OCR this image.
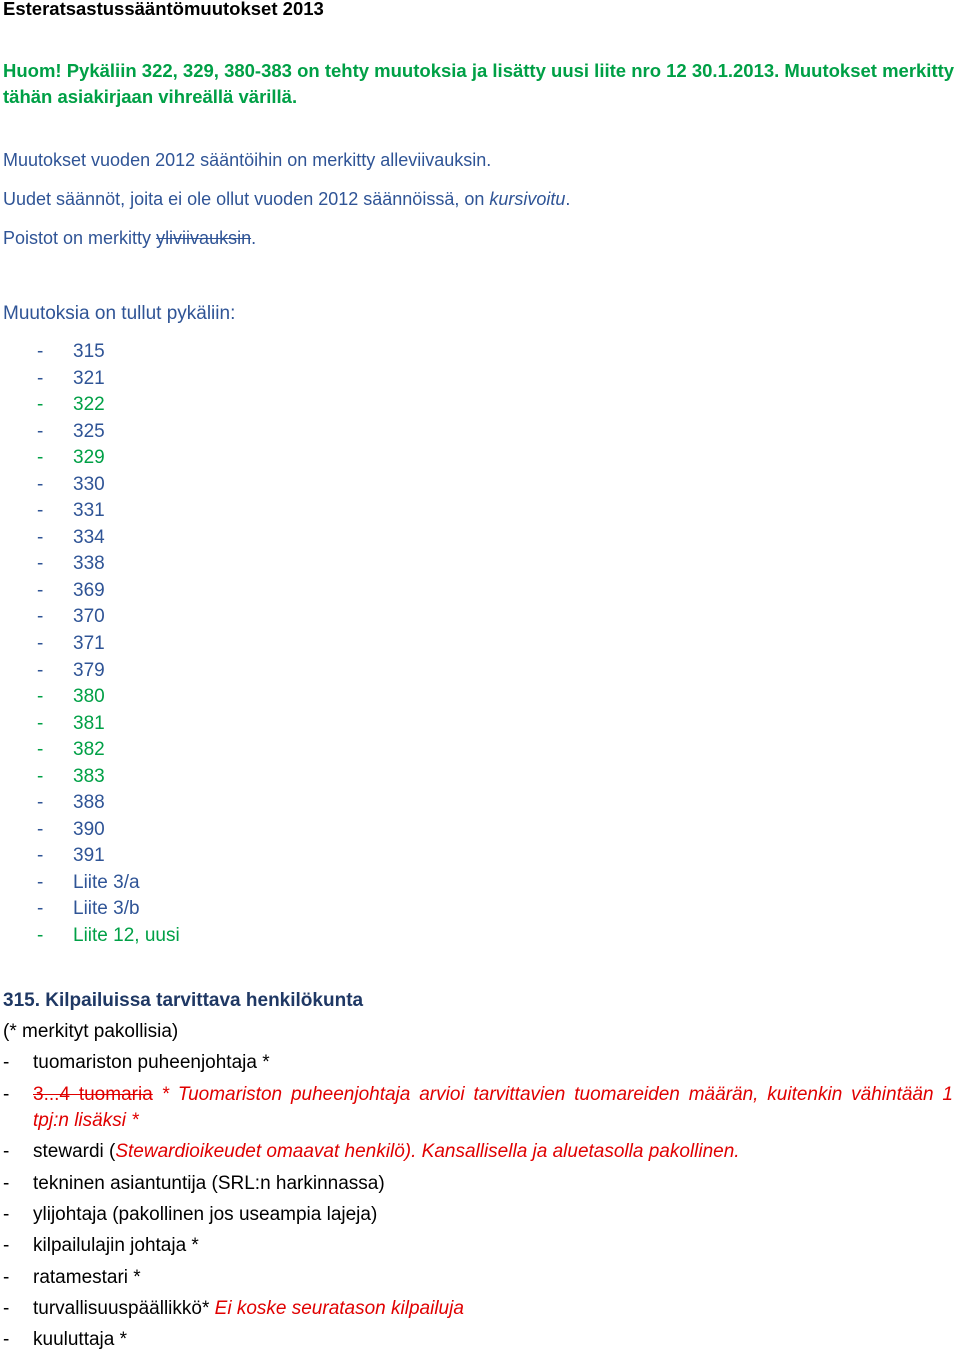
Esteratsastussääntömuutokset 2013
Huom! Pykäliin 322, 329, 380-383 on tehty muutoksia ja lisätty uusi liite nro 12 30.1.2013. Muutokset merkitty tähän asiakirjaan vihreällä värillä.
Muutokset vuoden 2012 sääntöihin on merkitty alleviivauksin.
Uudet säännöt, joita ei ole ollut vuoden 2012 säännöissä, on kursivoitu.
Poistot on merkitty yliviivauksin.
Muutoksia on tullut pykäliin:
- 315
- 321
- 322
- 325
- 329
- 330
- 331
- 334
- 338
- 369
- 370
- 371
- 379
- 380
- 381
- 382
- 383
- 388
- 390
- 391
- Liite 3/a
- Liite 3/b
- Liite 12, uusi
315. Kilpailuissa tarvittava henkilökunta
(* merkityt pakollisia)
- tuomariston puheenjohtaja *
- 3...4 tuomaria * Tuomariston puheenjohtaja arvioi tarvittavien tuomareiden määrän, kuitenkin vähintään 1 tpj:n lisäksi *
- stewardi (Stewardioikeudet omaavat henkilö). Kansallisella ja aluetasolla pakollinen.
- tekninen asiantuntija (SRL:n harkinnassa)
- ylijohtaja (pakollinen jos useampia lajeja)
- kilpailulajin johtaja *
- ratamestari *
- turvallisuuspäällikkö* Ei koske seuratason kilpailuja
- kuuluttaja *
